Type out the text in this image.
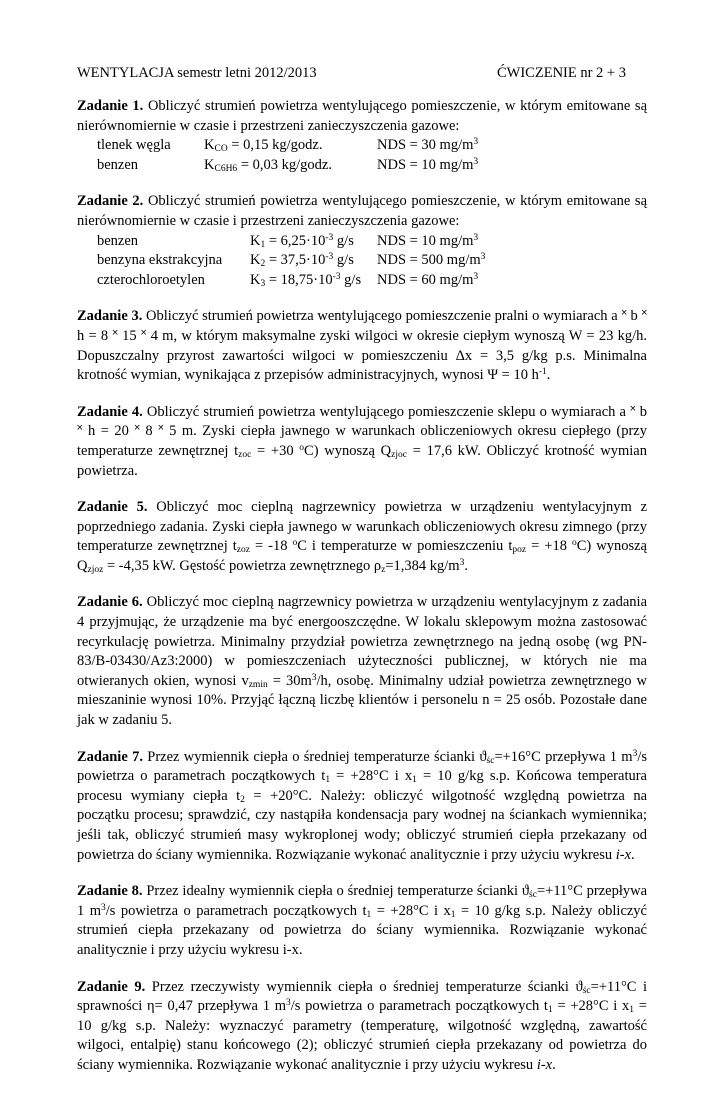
WENTYLACJA semestr letni 2012/2013	ĆWICZENIE nr 2 + 3
Zadanie 1. Obliczyć strumień powietrza wentylującego pomieszczenie, w którym emitowane są nierównomiernie w czasie i przestrzeni zanieczyszczenia gazowe:
tlenek węgla $K_{CO} = 0,15$ kg/godz.	NDS = 30 $mg/m^3$
benzen	$K_{C6H6} = 0,03$ kg/godz.	NDS = 10 $mg/m^3$
Zadanie 2. Obliczyć strumień powietrza wentylującego pomieszczenie, w którym emitowane są nierównomiernie w czasie i przestrzeni zanieczyszczenia gazowe:
benzen	$K_1 = 6,25\cdot 10^{-3}$ g/s NDS = 10 $mg/m^3$
benzyna ekstrakcyjna $K_2 = 37,5\cdot 10^{-3}$ g/s NDS = 500 $mg/m^3$
czterochloroetylen	$K_3 = 18,75\cdot 10^{-3}$ g/s NDS = 60 $mg/m^3$

Zadanie 3. Obliczyć strumień powietrza wentylującego pomieszczenie pralni o wymiarach a ˟ b ˟ h = 8 ˟ 15 ˟ 4 m, w którym maksymalne zyski wilgoci w okresie ciepłym wynoszą W = 23 kg/h. Dopuszczalny przyrost zawartości wilgoci w pomieszczeniu Δx = 3,5 g/kg p.s. Minimalna krotność wymian, wynikająca z przepisów administracyjnych, wynosi Ψ = 10 $h^{-1}$.

Zadanie 4. Obliczyć strumień powietrza wentylującego pomieszczenie sklepu o wymiarach a ˟ b ˟ h = 20 ˟ 8 ˟ 5 m. Zyski ciepła jawnego w warunkach obliczeniowych okresu ciepłego (przy temperaturze zewnętrznej $t_{zoc} = +30$ $^o$C) wynoszą $Q_{zjoc} = 17,6$ kW. Obliczyć krotność wymian powietrza.

Zadanie 5. Obliczyć moc cieplną nagrzewnicy powietrza w urządzeniu wentylacyjnym z poprzedniego zadania. Zyski ciepła jawnego w warunkach obliczeniowych okresu zimnego (przy temperaturze zewnętrznej $t_{zoz} = -18$ $^o$C i temperaturze w pomieszczeniu $t_{poz} = +18$ $^o$C) wynoszą $Q_{zjoz} = -4,35$ kW. Gęstość powietrza zewnętrznego $\rho_z=1,384$ $kg/m^3$.

Zadanie 6. Obliczyć moc cieplną nagrzewnicy powietrza w urządzeniu wentylacyjnym z zadania 4 przyjmując, że urządzenie ma być energooszczędne. W lokalu sklepowym można zastosować recyrkulację powietrza. Minimalny przydział powietrza zewnętrznego na jedną osobę (wg PN-83/B-03430/Az3:2000) w pomieszczeniach użyteczności publicznej, w których nie ma otwieranych okien, wynosi $v_{zmin} = 30m^3/h$, osobę. Minimalny udział powietrza zewnętrznego w mieszaninie wynosi 10%. Przyjąć łączną liczbę klientów i personelu n = 25 osób. Pozostałe dane jak w zadaniu 5.

Zadanie 7. Przez wymiennik ciepła o średniej temperaturze ścianki $ϑ_{śc}=+16^\circ C$ przepływa 1 $m^3/s$ powietrza o parametrach początkowych $t_1 = +28^\circ C$ i $x_1 = 10$ g/kg s.p. Końcowa temperatura procesu wymiany ciepła $t_2 = +20^\circ C$. Należy: obliczyć wilgotność względną powietrza na początku procesu; sprawdzić, czy nastąpiła kondensacja pary wodnej na ściankach wymiennika; jeśli tak, obliczyć strumień masy wykroplonej wody; obliczyć strumień ciepła przekazany od powietrza do ściany wymiennika. Rozwiązanie wykonać analitycznie i przy użyciu wykresu i-x.

Zadanie 8. Przez idealny wymiennik ciepła o średniej temperaturze ścianki $ϑ_{śc}=+11^\circ C$ przepływa 1 $m^3/s$ powietrza o parametrach początkowych $t_1 = +28^\circ C$ i $x_1 = 10$ g/kg s.p. Należy obliczyć strumień ciepła przekazany od powietrza do ściany wymiennika. Rozwiązanie wykonać analitycznie i przy użyciu wykresu i-x.

Zadanie 9. Przez rzeczywisty wymiennik ciepła o średniej temperaturze ścianki $ϑ_{śc}=+11^\circ C$ i sprawności η= 0,47 przepływa 1 $m^3/s$ powietrza o parametrach początkowych $t_1 = +28^\circ C$ i $x_1 = 10$ g/kg s.p. Należy: wyznaczyć parametry (temperaturę, wilgotność względną, zawartość wilgoci, entalpię) stanu końcowego (2); obliczyć strumień ciepła przekazany od powietrza do ściany wymiennika. Rozwiązanie wykonać analitycznie i przy użyciu wykresu i-x.
